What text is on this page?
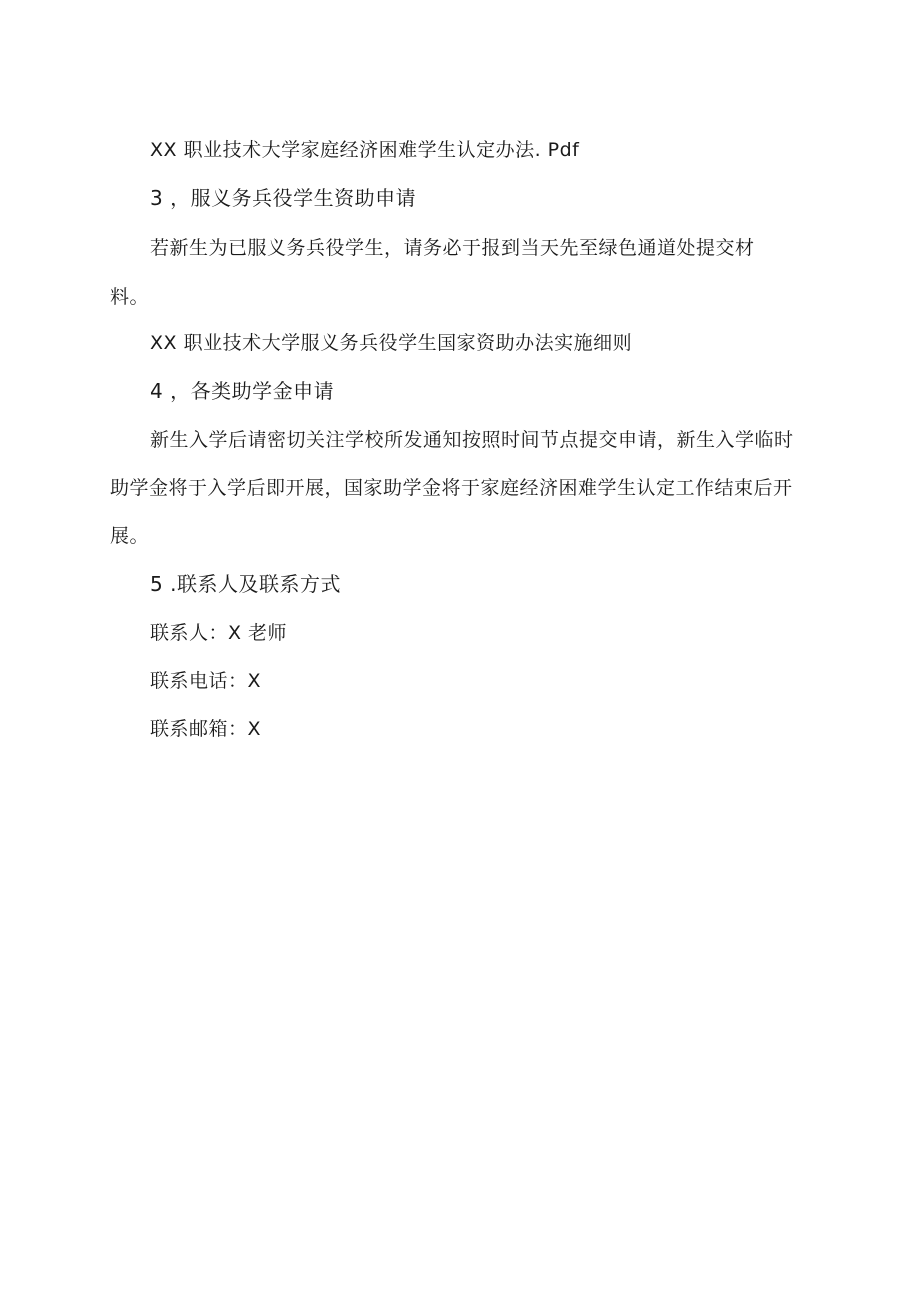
XX 职业技术大学家庭经济困难学生认定办法. Pdf
3 ，服义务兵役学生资助申请
若新生为已服义务兵役学生，请务必于报到当天先至绿色通道处提交材
料。
XX 职业技术大学服义务兵役学生国家资助办法实施细则
4 ，各类助学金申请
新生入学后请密切关注学校所发通知按照时间节点提交申请，新生入学临时
助学金将于入学后即开展，国家助学金将于家庭经济困难学生认定工作结束后开
展。
5 .联系人及联系方式
联系人：X 老师
联系电话：X
联系邮箱：X
